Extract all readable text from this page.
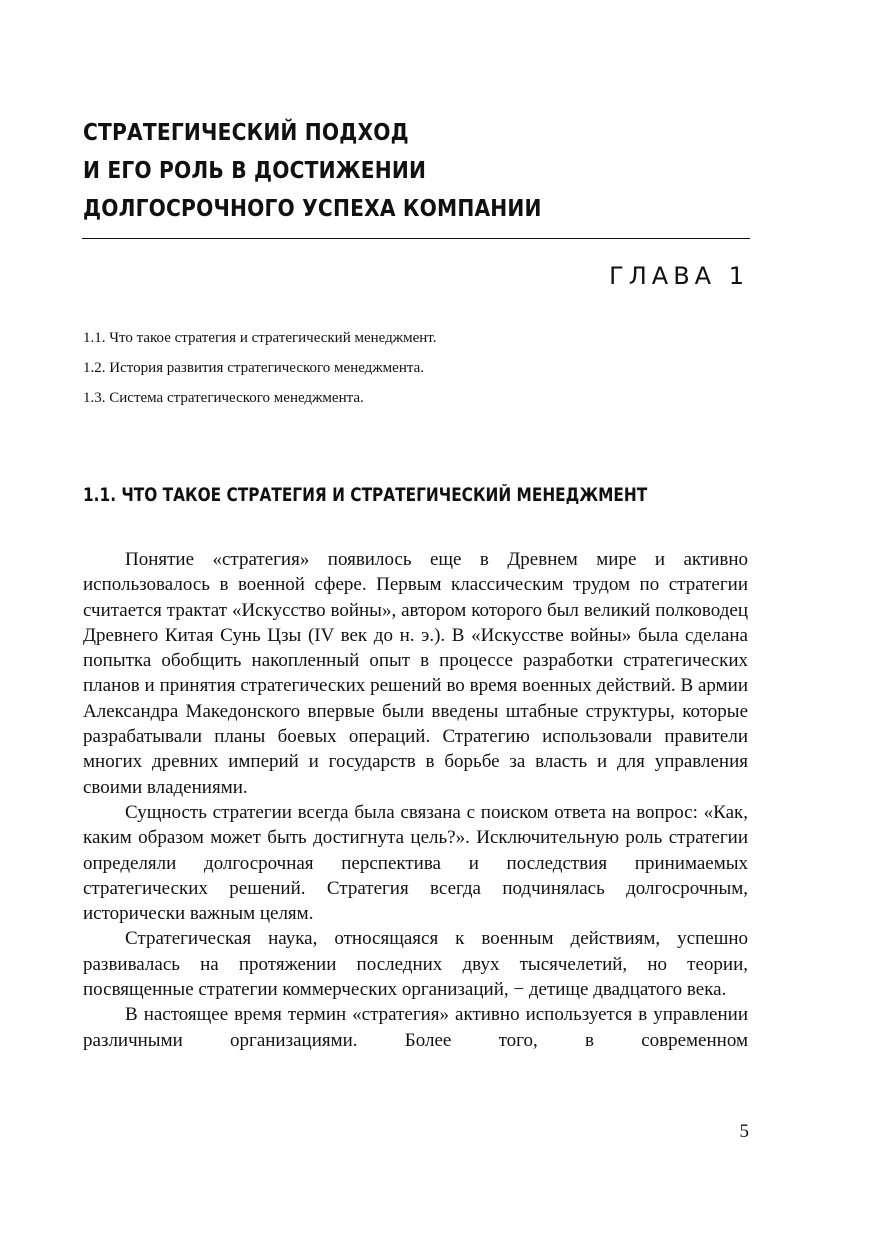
СТРАТЕГИЧЕСКИЙ ПОДХОД
И ЕГО РОЛЬ В ДОСТИЖЕНИИ
ДОЛГОСРОЧНОГО УСПЕХА КОМПАНИИ
ГЛАВА 1
1.1. Что такое стратегия и стратегический менеджмент.
1.2. История развития стратегического менеджмента.
1.3. Система стратегического менеджмента.
1.1. ЧТО ТАКОЕ СТРАТЕГИЯ И СТРАТЕГИЧЕСКИЙ МЕНЕДЖМЕНТ

Понятие «стратегия» появилось еще в Древнем мире и активно использовалось в военной сфере. Первым классическим трудом по стратегии считается трактат «Искусство войны», автором которого был великий полководец Древнего Китая Сунь Цзы (IV век до н. э.). В «Искусстве войны» была сделана попытка обобщить накопленный опыт в процессе разработки стратегических планов и принятия стратегических решений во время военных действий. В армии Александра Македонского впервые были введены штабные структуры, которые разрабатывали планы боевых операций. Стратегию использовали правители многих древних империй и государств в борьбе за власть и для управления своими владениями.

Сущность стратегии всегда была связана с поиском ответа на вопрос: «Как, каким образом может быть достигнута цель?». Исключительную роль стратегии определяли долгосрочная перспектива и последствия принимаемых стратегических решений. Стратегия всегда подчинялась долгосрочным, исторически важным целям.

Стратегическая наука, относящаяся к военным действиям, успешно развивалась на протяжении последних двух тысячелетий, но теории, посвященные стратегии коммерческих организаций, − детище двадцатого века.

В настоящее время термин «стратегия» активно используется в управлении различными организациями. Более того, в современном

5
